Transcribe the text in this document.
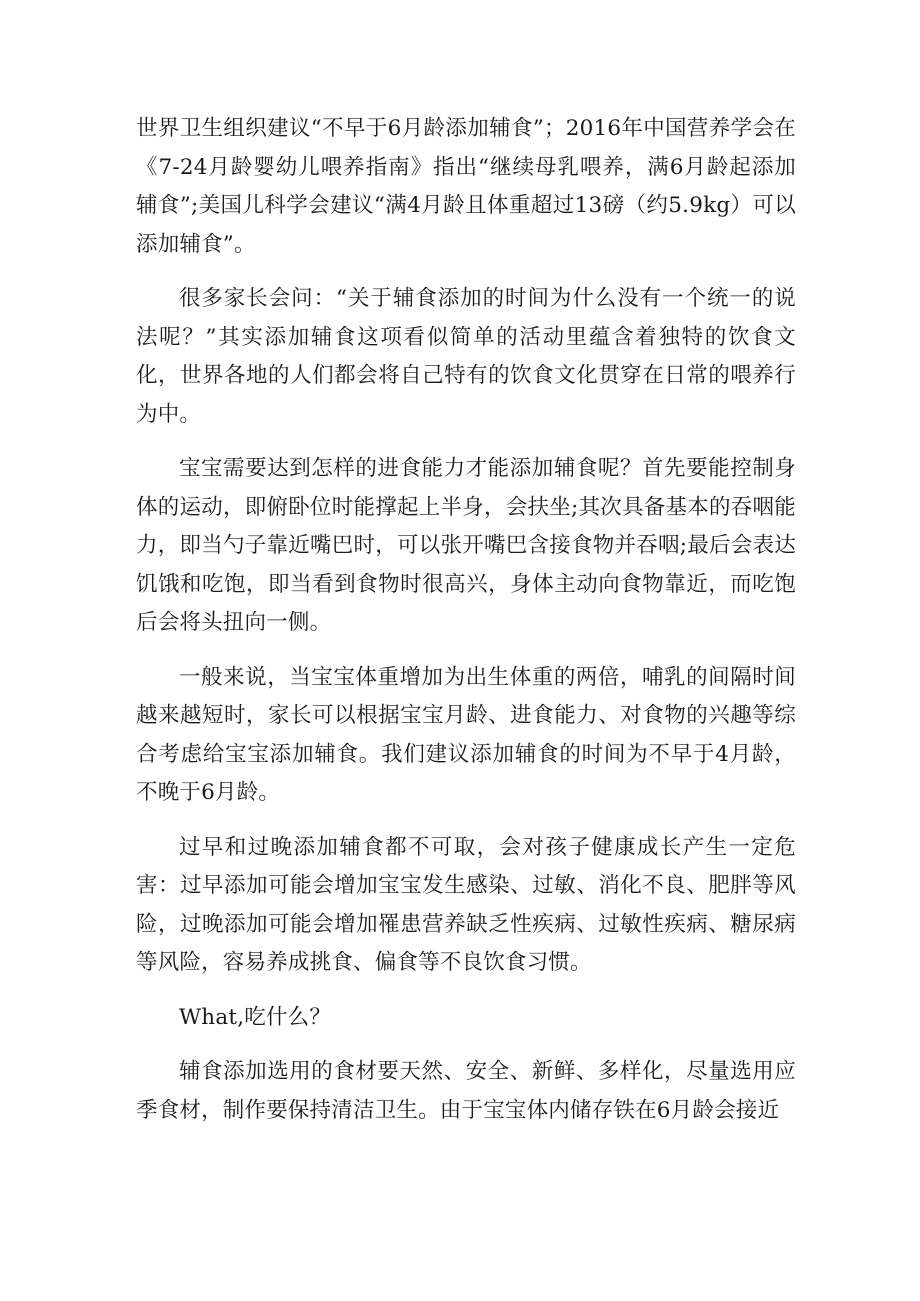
世界卫生组织建议“不早于6月龄添加辅食”；2016年中国营养学会在《7-24月龄婴幼儿喂养指南》指出“继续母乳喂养，满6月龄起添加辅食”;美国儿科学会建议“满4月龄且体重超过13磅（约5.9kg）可以添加辅食”。

很多家长会问：“关于辅食添加的时间为什么没有一个统一的说法呢？”其实添加辅食这项看似简单的活动里蕴含着独特的饮食文化，世界各地的人们都会将自己特有的饮食文化贯穿在日常的喂养行为中。

宝宝需要达到怎样的进食能力才能添加辅食呢？首先要能控制身体的运动，即俯卧位时能撑起上半身，会扶坐;其次具备基本的吞咽能力，即当勺子靠近嘴巴时，可以张开嘴巴含接食物并吞咽;最后会表达饥饿和吃饱，即当看到食物时很高兴，身体主动向食物靠近，而吃饱后会将头扭向一侧。

一般来说，当宝宝体重增加为出生体重的两倍，哺乳的间隔时间越来越短时，家长可以根据宝宝月龄、进食能力、对食物的兴趣等综合考虑给宝宝添加辅食。我们建议添加辅食的时间为不早于4月龄，不晚于6月龄。

过早和过晚添加辅食都不可取，会对孩子健康成长产生一定危害：过早添加可能会增加宝宝发生感染、过敏、消化不良、肥胖等风险，过晚添加可能会增加罹患营养缺乏性疾病、过敏性疾病、糖尿病等风险，容易养成挑食、偏食等不良饮食习惯。

What,吃什么？

辅食添加选用的食材要天然、安全、新鲜、多样化，尽量选用应季食材，制作要保持清洁卫生。由于宝宝体内储存铁在6月龄会接近
